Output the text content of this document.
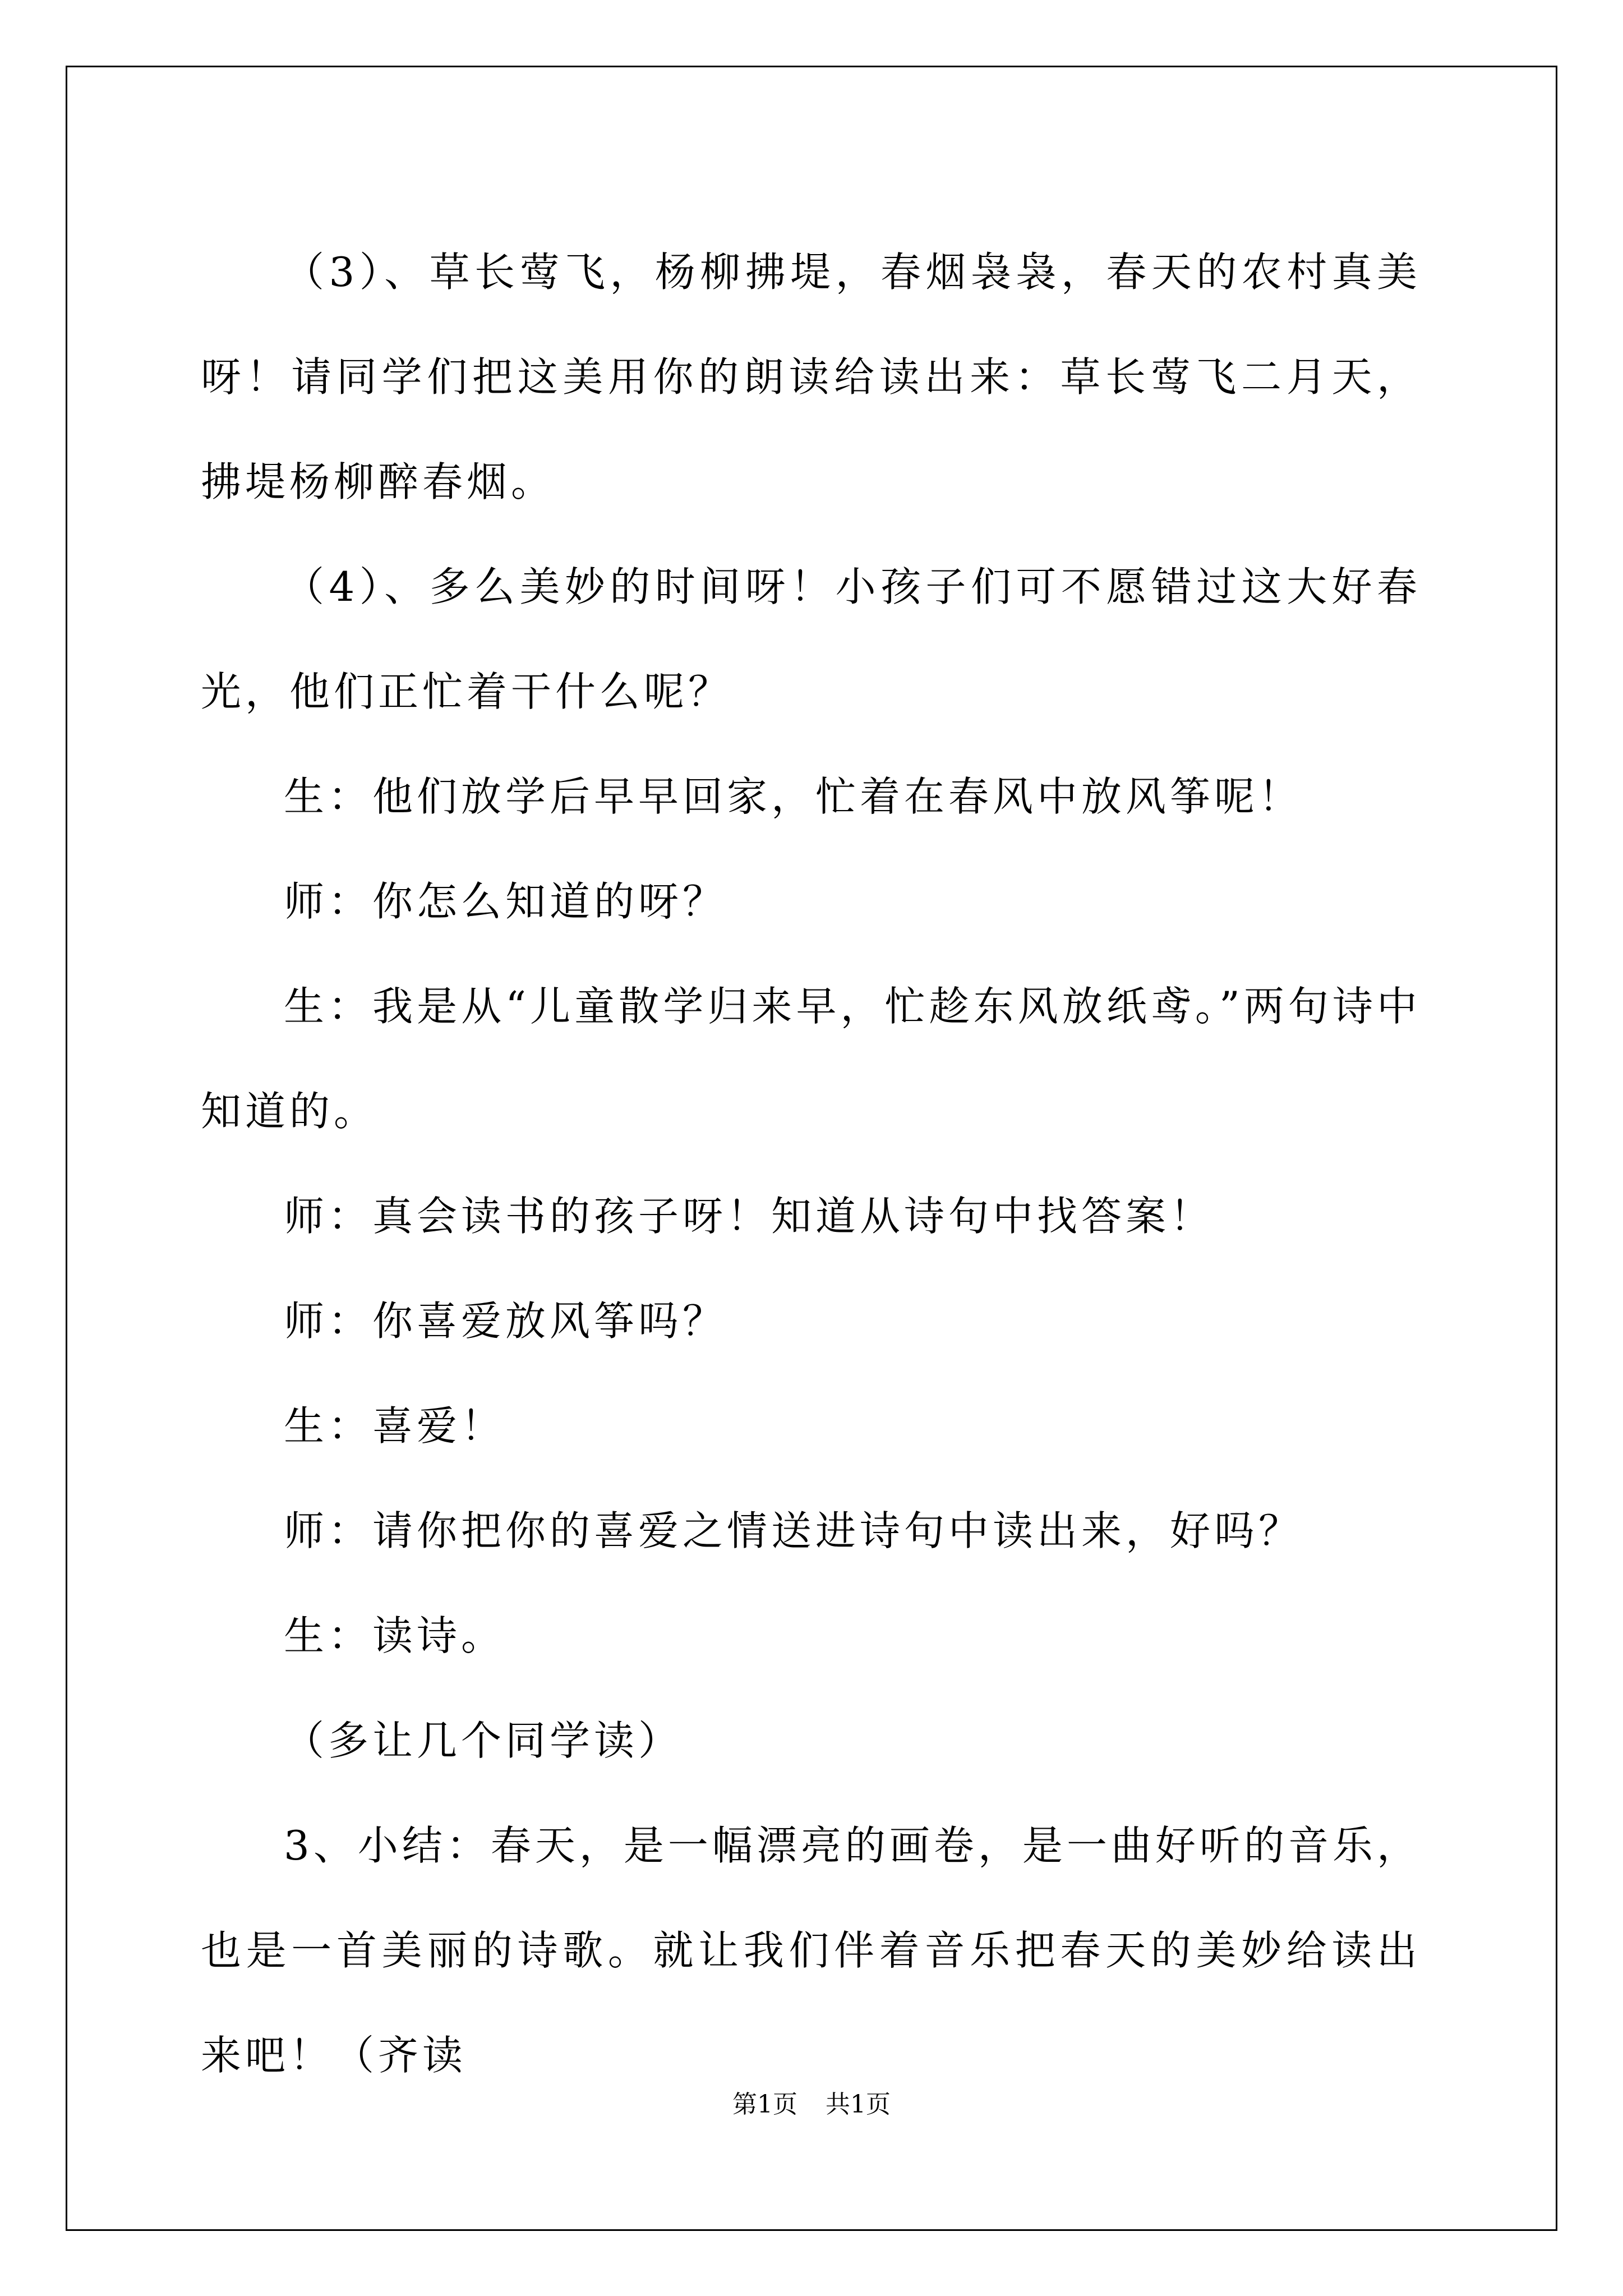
（3）、草长莺飞，杨柳拂堤，春烟袅袅，春天的农村真美呀！请同学们把这美用你的朗读给读出来：草长莺飞二月天，拂堤杨柳醉春烟。

（4）、多么美妙的时间呀！小孩子们可不愿错过这大好春光，他们正忙着干什么呢？

生：他们放学后早早回家，忙着在春风中放风筝呢！

师：你怎么知道的呀？

生：我是从“儿童散学归来早，忙趁东风放纸鸢。”两句诗中知道的。

师：真会读书的孩子呀！知道从诗句中找答案！

师：你喜爱放风筝吗？

生：喜爱！

师：请你把你的喜爱之情送进诗句中读出来，好吗？

生：读诗。

（多让几个同学读）

3、小结：春天，是一幅漂亮的画卷，是一曲好听的音乐，也是一首美丽的诗歌。就让我们伴着音乐把春天的美妙给读出来吧！（齐读

第1页 共1页
